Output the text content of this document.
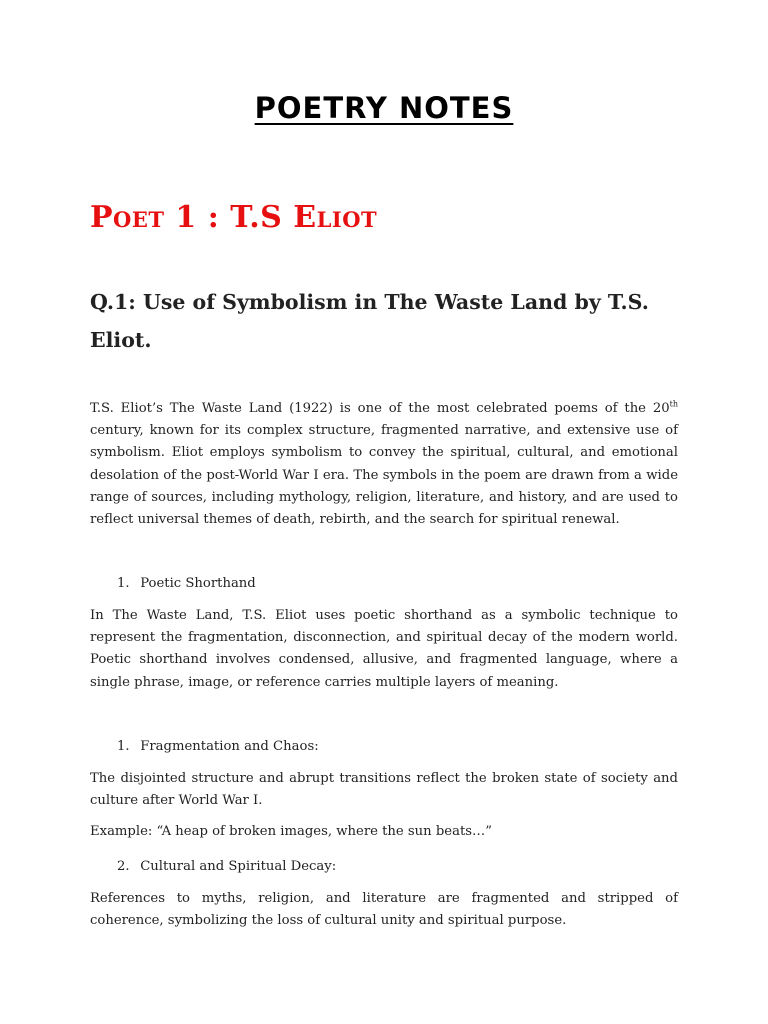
POETRY NOTES
Poet 1 : T.S Eliot
Q.1: Use of Symbolism in The Waste Land by T.S. Eliot.

T.S. Eliot’s The Waste Land (1922) is one of the most celebrated poems of the 20th century, known for its complex structure, fragmented narrative, and extensive use of symbolism. Eliot employs symbolism to convey the spiritual, cultural, and emotional desolation of the post-World War I era. The symbols in the poem are drawn from a wide range of sources, including mythology, religion, literature, and history, and are used to reflect universal themes of death, rebirth, and the search for spiritual renewal.

1. Poetic Shorthand

In The Waste Land, T.S. Eliot uses poetic shorthand as a symbolic technique to represent the fragmentation, disconnection, and spiritual decay of the modern world. Poetic shorthand involves condensed, allusive, and fragmented language, where a single phrase, image, or reference carries multiple layers of meaning.

1. Fragmentation and Chaos:

The disjointed structure and abrupt transitions reflect the broken state of society and culture after World War I.

Example: “A heap of broken images, where the sun beats…”

2. Cultural and Spiritual Decay:

References to myths, religion, and literature are fragmented and stripped of coherence, symbolizing the loss of cultural unity and spiritual purpose.
